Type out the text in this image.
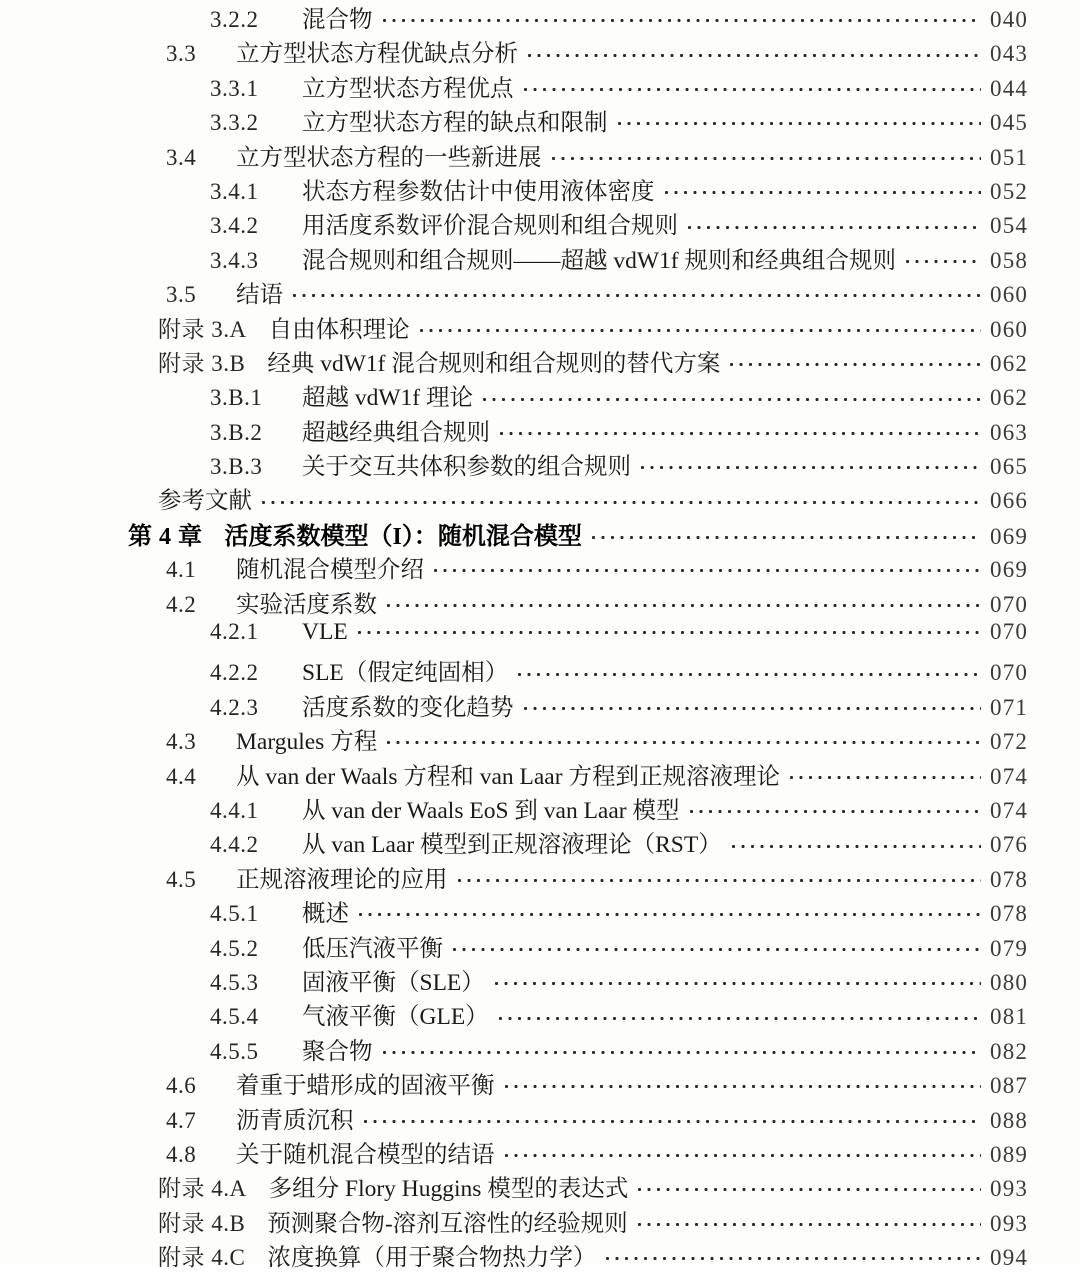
3.2.2	混合物	040
3.3	立方型状态方程优缺点分析	043
3.3.1	立方型状态方程优点	044
3.3.2	立方型状态方程的缺点和限制	045
3.4	立方型状态方程的一些新进展	051
3.4.1	状态方程参数估计中使用液体密度	052
3.4.2	用活度系数评价混合规则和组合规则	054
3.4.3	混合规则和组合规则——超越 vdW1f 规则和经典组合规则	058
3.5	结语	060
附录 3.A 自由体积理论	060
附录 3.B 经典 vdW1f 混合规则和组合规则的替代方案	062
3.B.1	超越 vdW1f 理论	062
3.B.2	超越经典组合规则	063
3.B.3	关于交互共体积参数的组合规则	065
参考文献	066
第 4 章 活度系数模型（I）：随机混合模型	069
4.1	随机混合模型介绍	069
4.2	实验活度系数	070
4.2.1	VLE	070
4.2.2	SLE（假定纯固相）	070
4.2.3	活度系数的变化趋势	071
4.3	Margules 方程	072
4.4	从 van der Waals 方程和 van Laar 方程到正规溶液理论	074
4.4.1	从 van der Waals EoS 到 van Laar 模型	074
4.4.2	从 van Laar 模型到正规溶液理论（RST）	076
4.5	正规溶液理论的应用	078
4.5.1	概述	078
4.5.2	低压汽液平衡	079
4.5.3	固液平衡（SLE）	080
4.5.4	气液平衡（GLE）	081
4.5.5	聚合物	082
4.6	着重于蜡形成的固液平衡	087
4.7	沥青质沉积	088
4.8	关于随机混合模型的结语	089
附录 4.A 多组分 Flory Huggins 模型的表达式	093
附录 4.B 预测聚合物-溶剂互溶性的经验规则	093
附录 4.C 浓度换算（用于聚合物热力学）	094
